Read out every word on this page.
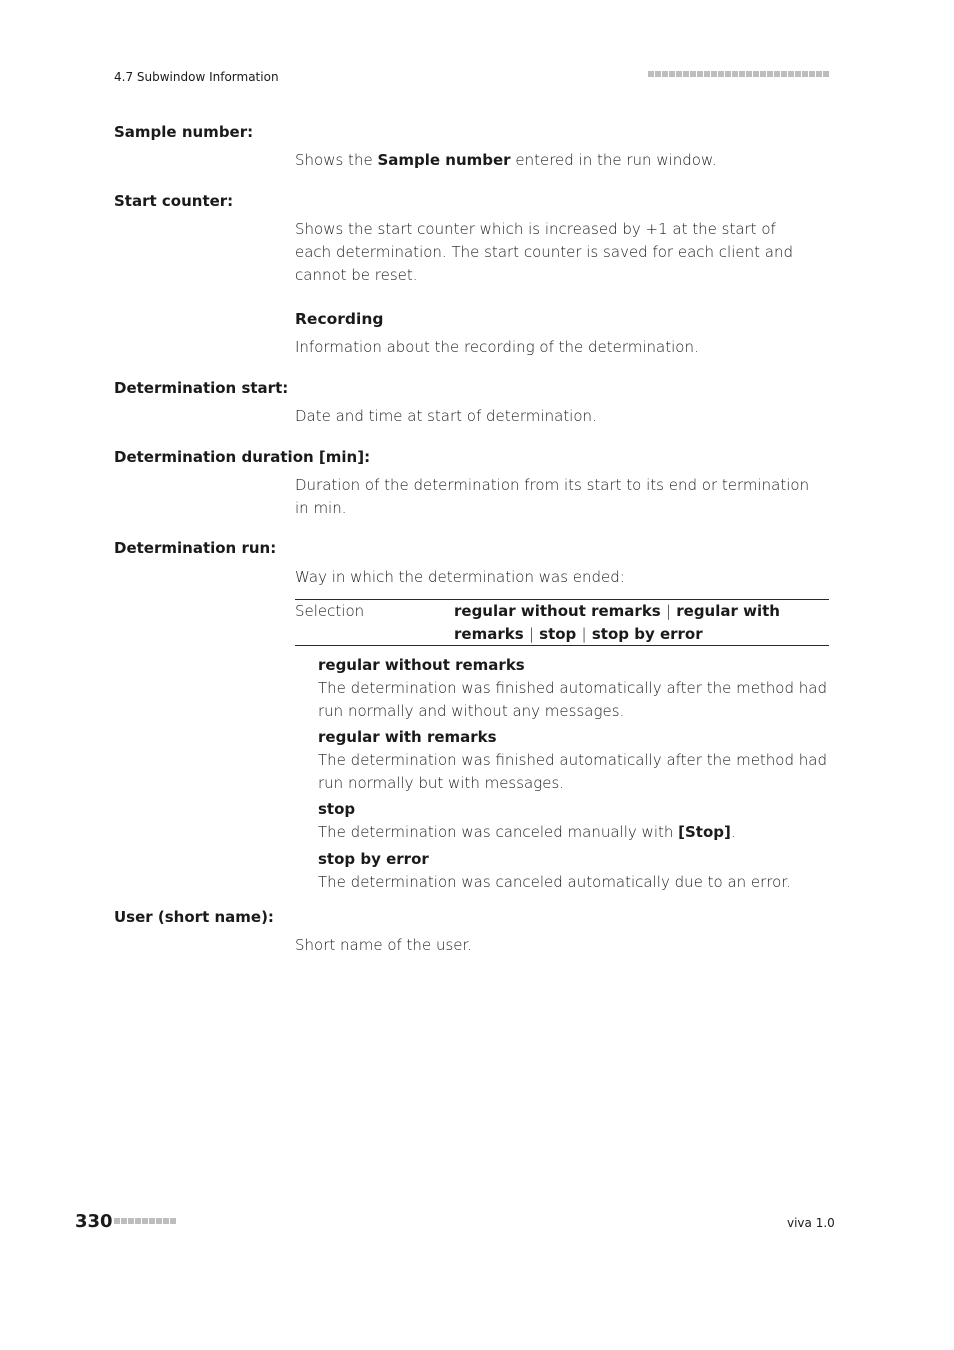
4.7 Subwindow Information
Sample number:
Shows the Sample number entered in the run window.
Start counter:
Shows the start counter which is increased by +1 at the start of each determination. The start counter is saved for each client and cannot be reset.
Recording
Information about the recording of the determination.
Determination start:
Date and time at start of determination.
Determination duration [min]:
Duration of the determination from its start to its end or termination in min.
Determination run:
Way in which the determination was ended:
Selection	regular without remarks | regular with remarks | stop | stop by error
regular without remarks
The determination was finished automatically after the method had run normally and without any messages.
regular with remarks
The determination was finished automatically after the method had run normally but with messages.
stop
The determination was canceled manually with [Stop].
stop by error
The determination was canceled automatically due to an error.
User (short name):
Short name of the user.
330	viva 1.0
